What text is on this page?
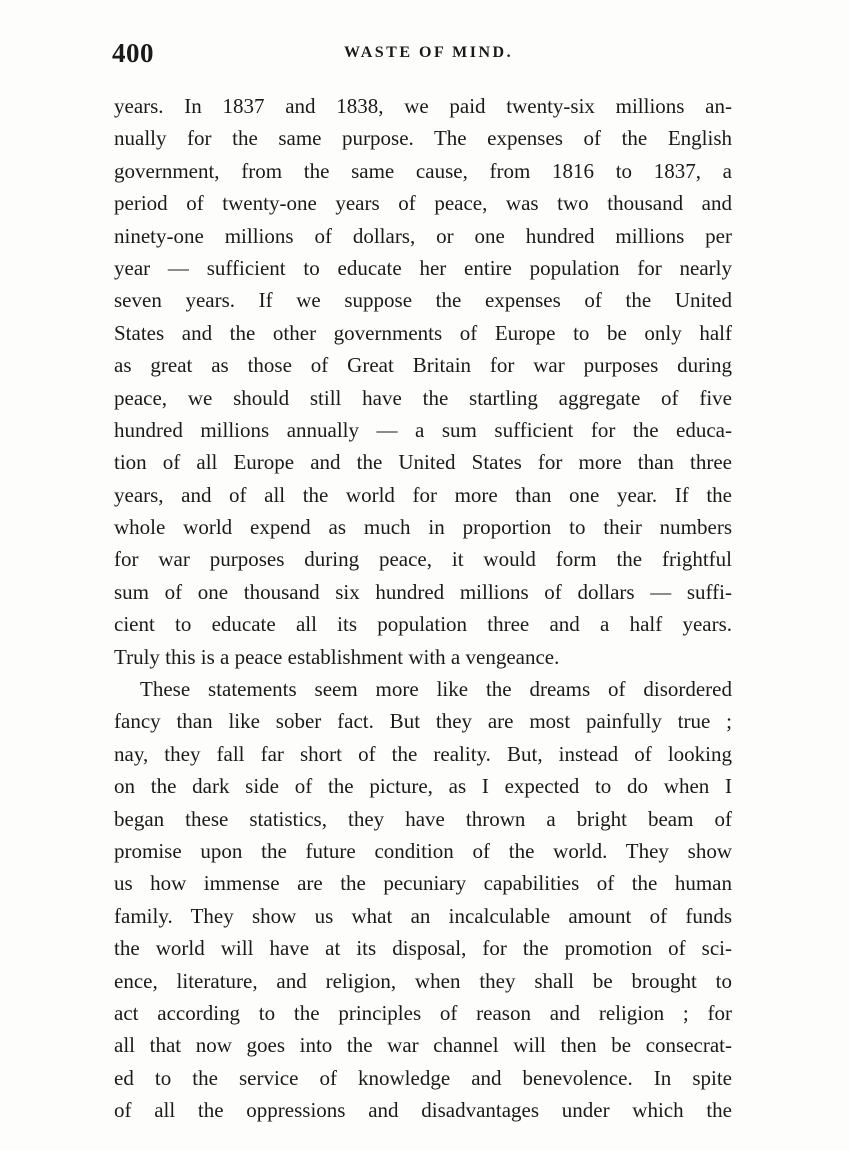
400	WASTE OF MIND.
years. In 1837 and 1838, we paid twenty-six millions an-
nually for the same purpose. The expenses of the English
government, from the same cause, from 1816 to 1837, a
period of twenty-one years of peace, was two thousand and
ninety-one millions of dollars, or one hundred millions per
year — sufficient to educate her entire population for nearly
seven years. If we suppose the expenses of the United
States and the other governments of Europe to be only half
as great as those of Great Britain for war purposes during
peace, we should still have the startling aggregate of five
hundred millions annually — a sum sufficient for the educa-
tion of all Europe and the United States for more than three
years, and of all the world for more than one year. If the
whole world expend as much in proportion to their numbers
for war purposes during peace, it would form the frightful
sum of one thousand six hundred millions of dollars — suffi-
cient to educate all its population three and a half years.
Truly this is a peace establishment with a vengeance.
These statements seem more like the dreams of disordered
fancy than like sober fact. But they are most painfully true ;
nay, they fall far short of the reality. But, instead of looking
on the dark side of the picture, as I expected to do when I
began these statistics, they have thrown a bright beam of
promise upon the future condition of the world. They show
us how immense are the pecuniary capabilities of the human
family. They show us what an incalculable amount of funds
the world will have at its disposal, for the promotion of sci-
ence, literature, and religion, when they shall be brought to
act according to the principles of reason and religion ; for
all that now goes into the war channel will then be consecrat-
ed to the service of knowledge and benevolence. In spite
of all the oppressions and disadvantages under which the
